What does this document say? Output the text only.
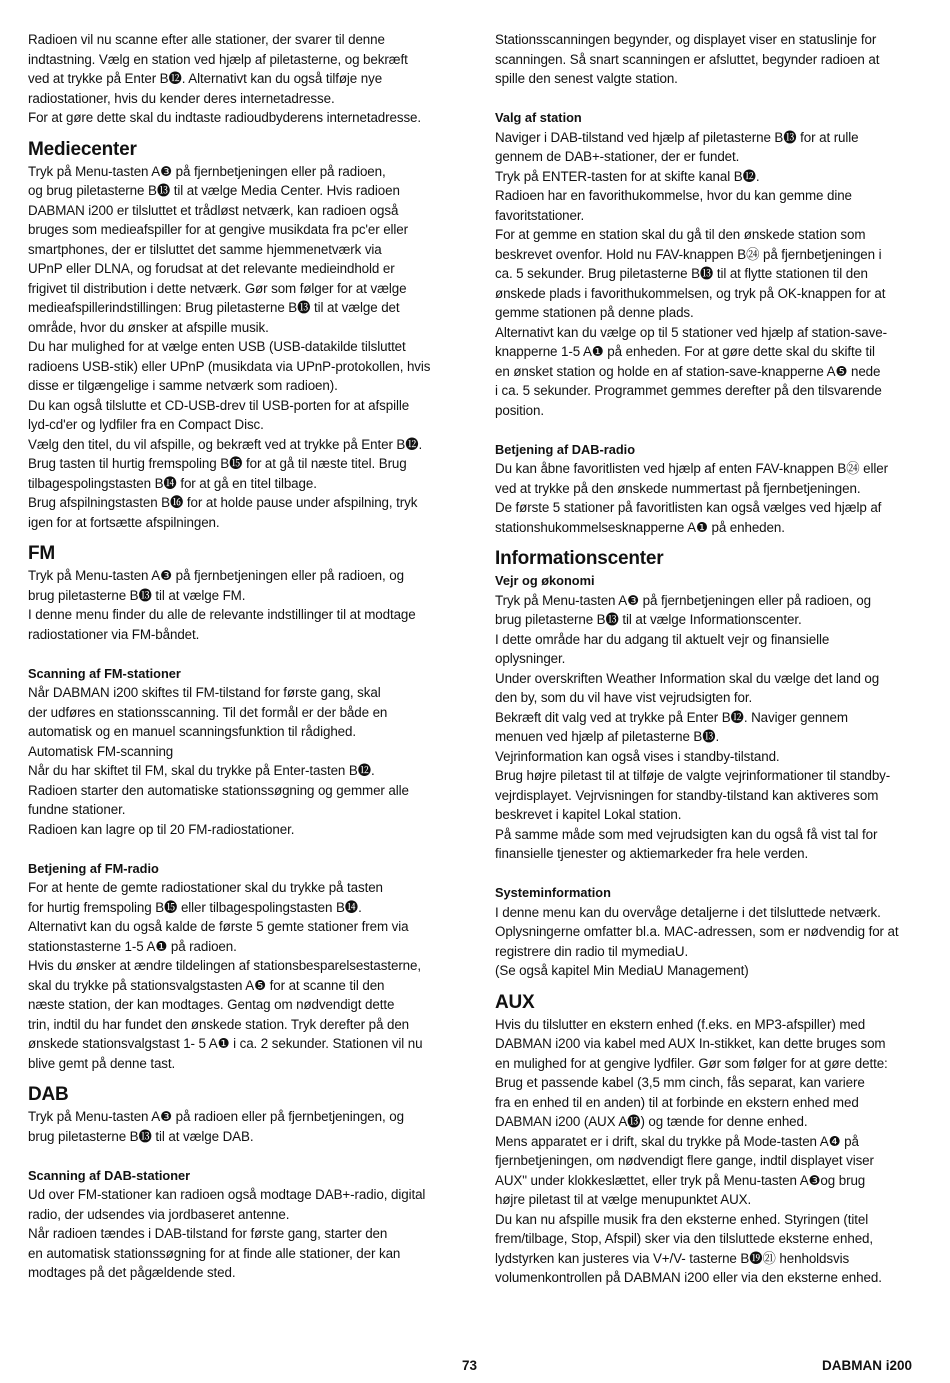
Radioen vil nu scanne efter alle stationer, der svarer til denne
indtastning. Vælg en station ved hjælp af piletasterne, og bekræft
ved at trykke på Enter B⓬. Alternativt kan du også tilføje nye
radiostationer, hvis du kender deres internetadresse.
For at gøre dette skal du indtaste radioudbyderens internetadresse.
Mediecenter
Tryk på Menu-tasten A❸ på fjernbetjeningen eller på radioen,
og brug piletasterne B⓭ til at vælge Media Center. Hvis radioen
DABMAN i200 er tilsluttet et trådløst netværk, kan radioen også
bruges som medieafspiller for at gengive musikdata fra pc'er eller
smartphones, der er tilsluttet det samme hjemmenetværk via
UPnP eller DLNA, og forudsat at det relevante medieindhold er
frigivet til distribution i dette netværk. Gør som følger for at vælge
medieafspillerindstillingen: Brug piletasterne B⓭ til at vælge det
område, hvor du ønsker at afspille musik.
Du har mulighed for at vælge enten USB (USB-datakilde tilsluttet
radioens USB-stik) eller UPnP (musikdata via UPnP-protokollen, hvis
disse er tilgængelige i samme netværk som radioen).
Du kan også tilslutte et CD-USB-drev til USB-porten for at afspille
lyd-cd'er og lydfiler fra en Compact Disc.
Vælg den titel, du vil afspille, og bekræft ved at trykke på Enter B⓬.
Brug tasten til hurtig fremspoling B⓯ for at gå til næste titel. Brug
tilbagespolingstasten B⓮ for at gå en titel tilbage.
Brug afspilningstasten B⓰ for at holde pause under afspilning, tryk
igen for at fortsætte afspilningen.
FM
Tryk på Menu-tasten A❸ på fjernbetjeningen eller på radioen, og
brug piletasterne B⓭ til at vælge FM.
I denne menu finder du alle de relevante indstillinger til at modtage
radiostationer via FM-båndet.
Scanning af FM-stationer
Når DABMAN i200 skiftes til FM-tilstand for første gang, skal
der udføres en stationsscanning. Til det formål er der både en
automatisk og en manuel scanningsfunktion til rådighed.
Automatisk FM-scanning
Når du har skiftet til FM, skal du trykke på Enter-tasten B⓬.
Radioen starter den automatiske stationssøgning og gemmer alle
fundne stationer.
Radioen kan lagre op til 20 FM-radiostationer.
Betjening af FM-radio
For at hente de gemte radiostationer skal du trykke på tasten
for hurtig fremspoling B⓯ eller tilbagespolingstasten B⓮.
Alternativt kan du også kalde de første 5 gemte stationer frem via
stationstasterne 1-5 A❶ på radioen.
Hvis du ønsker at ændre tildelingen af stationsbesparelsestasterne,
skal du trykke på stationsvalgstasten A❺ for at scanne til den
næste station, der kan modtages. Gentag om nødvendigt dette
trin, indtil du har fundet den ønskede station. Tryk derefter på den
ønskede stationsvalgstast 1- 5 A❶ i ca. 2 sekunder. Stationen vil nu
blive gemt på denne tast.
DAB
Tryk på Menu-tasten A❸ på radioen eller på fjernbetjeningen, og
brug piletasterne B⓭ til at vælge DAB.
Scanning af DAB-stationer
Ud over FM-stationer kan radioen også modtage DAB+-radio, digital
radio, der udsendes via jordbaseret antenne.
Når radioen tændes i DAB-tilstand for første gang, starter den
en automatisk stationssøgning for at finde alle stationer, der kan
modtages på det pågældende sted.
Stationsscanningen begynder, og displayet viser en statuslinje for
scanningen. Så snart scanningen er afsluttet, begynder radioen at
spille den senest valgte station.
Valg af station
Naviger i DAB-tilstand ved hjælp af piletasterne B⓭ for at rulle
gennem de DAB+-stationer, der er fundet.
Tryk på ENTER-tasten for at skifte kanal B⓬.
Radioen har en favorithukommelse, hvor du kan gemme dine
favoritstationer.
For at gemme en station skal du gå til den ønskede station som
beskrevet ovenfor. Hold nu FAV-knappen B㉔ på fjernbetjeningen i
ca. 5 sekunder. Brug piletasterne B⓭ til at flytte stationen til den
ønskede plads i favorithukommelsen, og tryk på OK-knappen for at
gemme stationen på denne plads.
Alternativt kan du vælge op til 5 stationer ved hjælp af station-save-
knapperne 1-5 A❶ på enheden. For at gøre dette skal du skifte til
en ønsket station og holde en af station-save-knapperne A❺ nede
i ca. 5 sekunder. Programmet gemmes derefter på den tilsvarende
position.
Betjening af DAB-radio
Du kan åbne favoritlisten ved hjælp af enten FAV-knappen B㉔ eller
ved at trykke på den ønskede nummertast på fjernbetjeningen.
De første 5 stationer på favoritlisten kan også vælges ved hjælp af
stationshukommelsesknapperne A❶ på enheden.
Informationscenter
Vejr og økonomi
Tryk på Menu-tasten A❸ på fjernbetjeningen eller på radioen, og
brug piletasterne B⓭ til at vælge Informationscenter.
I dette område har du adgang til aktuelt vejr og finansielle
oplysninger.
Under overskriften Weather Information skal du vælge det land og
den by, som du vil have vist vejrudsigten for.
Bekræft dit valg ved at trykke på Enter B⓬. Naviger gennem
menuen ved hjælp af piletasterne B⓭.
Vejrinformation kan også vises i standby-tilstand.
Brug højre piletast til at tilføje de valgte vejrinformationer til standby-
vejrdisplayet. Vejrvisningen for standby-tilstand kan aktiveres som
beskrevet i kapitel Lokal station.
På samme måde som med vejrudsigten kan du også få vist tal for
finansielle tjenester og aktiemarkeder fra hele verden.
Systeminformation
I denne menu kan du overvåge detaljerne i det tilsluttede netværk.
Oplysningerne omfatter bl.a. MAC-adressen, som er nødvendig for at
registrere din radio til mymediaU.
(Se også kapitel Min MediaU Management)
AUX
Hvis du tilslutter en ekstern enhed (f.eks. en MP3-afspiller) med
DABMAN i200 via kabel med AUX In-stikket, kan dette bruges som
en mulighed for at gengive lydfiler. Gør som følger for at gøre dette:
Brug et passende kabel (3,5 mm cinch, fås separat, kan variere
fra en enhed til en anden) til at forbinde en ekstern enhed med
DABMAN i200 (AUX A⓭) og tænde for denne enhed.
Mens apparatet er i drift, skal du trykke på Mode-tasten A❹ på
fjernbetjeningen, om nødvendigt flere gange, indtil displayet viser
AUX" under klokkeslættet, eller tryk på Menu-tasten A❸og brug
højre piletast til at vælge menupunktet AUX.
Du kan nu afspille musik fra den eksterne enhed. Styringen (titel
frem/tilbage, Stop, Afspil) sker via den tilsluttede eksterne enhed,
lydstyrken kan justeres via V+/V- tasterne B⓳㉑ henholdsvis
volumenkontrollen på DABMAN i200 eller via den eksterne enhed.
73	DABMAN i200
